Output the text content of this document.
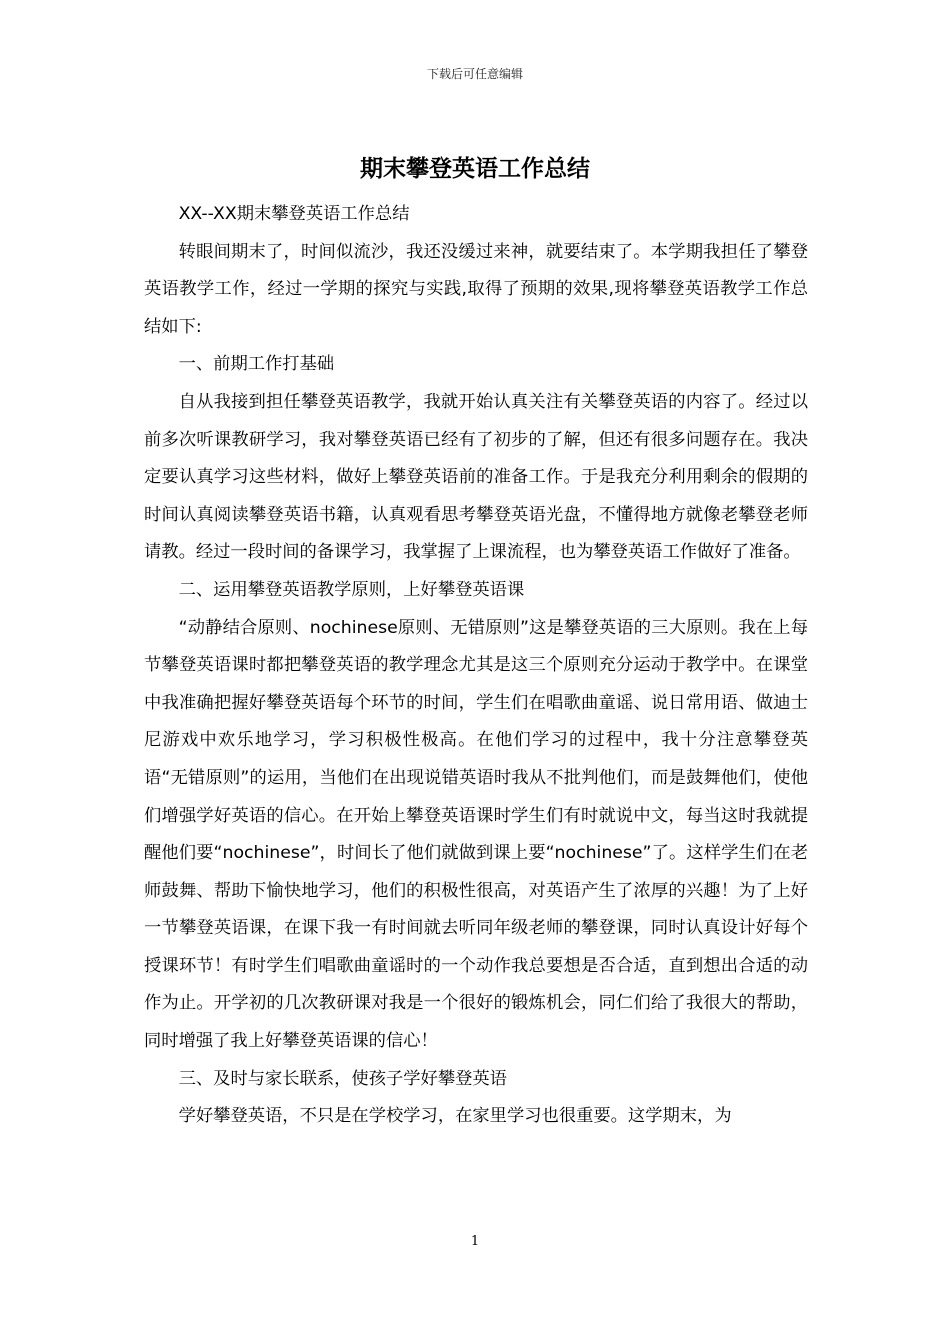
下载后可任意编辑
期末攀登英语工作总结

XX--XX期末攀登英语工作总结

转眼间期末了，时间似流沙，我还没缓过来神，就要结束了。本学期我担任了攀登英语教学工作，经过一学期的探究与实践,取得了预期的效果,现将攀登英语教学工作总结如下:

一、前期工作打基础

自从我接到担任攀登英语教学，我就开始认真关注有关攀登英语的内容了。经过以前多次听课教研学习，我对攀登英语已经有了初步的了解，但还有很多问题存在。我决定要认真学习这些材料，做好上攀登英语前的准备工作。于是我充分利用剩余的假期的时间认真阅读攀登英语书籍，认真观看思考攀登英语光盘，不懂得地方就像老攀登老师请教。经过一段时间的备课学习，我掌握了上课流程，也为攀登英语工作做好了准备。

二、运用攀登英语教学原则，上好攀登英语课

“动静结合原则、nochinese原则、无错原则”这是攀登英语的三大原则。我在上每节攀登英语课时都把攀登英语的教学理念尤其是这三个原则充分运动于教学中。在课堂中我准确把握好攀登英语每个环节的时间，学生们在唱歌曲童谣、说日常用语、做迪士尼游戏中欢乐地学习，学习积极性极高。在他们学习的过程中，我十分注意攀登英语“无错原则”的运用，当他们在出现说错英语时我从不批判他们，而是鼓舞他们，使他们增强学好英语的信心。在开始上攀登英语课时学生们有时就说中文，每当这时我就提醒他们要“nochinese”，时间长了他们就做到课上要“nochinese”了。这样学生们在老师鼓舞、帮助下愉快地学习，他们的积极性很高，对英语产生了浓厚的兴趣！为了上好一节攀登英语课，在课下我一有时间就去听同年级老师的攀登课，同时认真设计好每个授课环节！有时学生们唱歌曲童谣时的一个动作我总要想是否合适，直到想出合适的动作为止。开学初的几次教研课对我是一个很好的锻炼机会，同仁们给了我很大的帮助，同时增强了我上好攀登英语课的信心！

三、及时与家长联系，使孩子学好攀登英语

学好攀登英语，不只是在学校学习，在家里学习也很重要。这学期末，为

1
